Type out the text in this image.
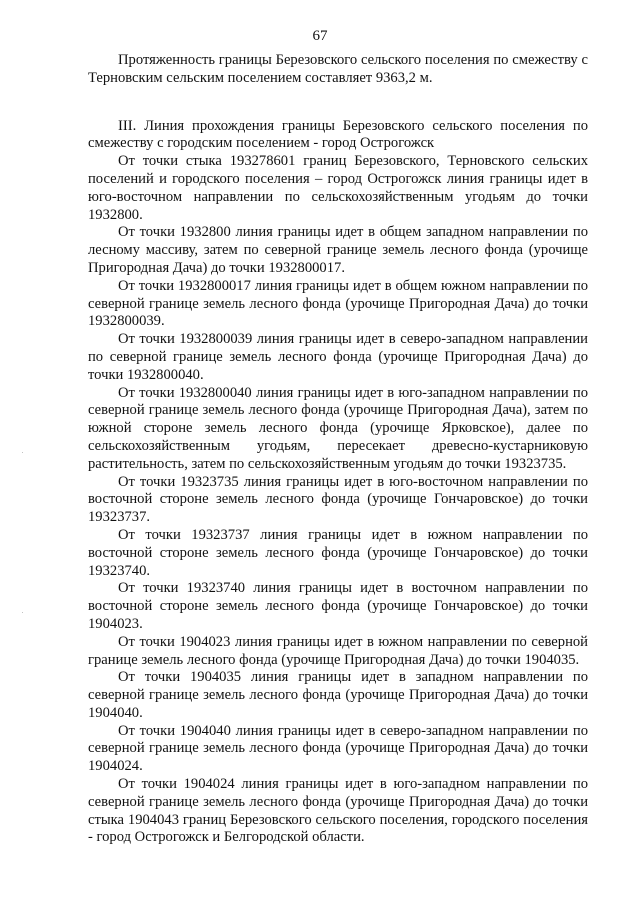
67

Протяженность границы Березовского сельского поселения по смежеству с Терновским сельским поселением составляет 9363,2 м.

III. Линия прохождения границы Березовского сельского поселения по смежеству с городским поселением - город Острогожск

От точки стыка 193278601 границ Березовского, Терновского сельских поселений и городского поселения – город Острогожск линия границы идет в юго-восточном направлении по сельскохозяйственным угодьям до точки 1932800.

От точки 1932800 линия границы идет в общем западном направлении по лесному массиву, затем по северной границе земель лесного фонда (урочище Пригородная Дача) до точки 1932800017.

От точки 1932800017 линия границы идет в общем южном направлении по северной границе земель лесного фонда (урочище Пригородная Дача) до точки 1932800039.

От точки 1932800039 линия границы идет в северо-западном направлении по северной границе земель лесного фонда (урочище Пригородная Дача) до точки 1932800040.

От точки 1932800040 линия границы идет в юго-западном направлении по северной границе земель лесного фонда (урочище Пригородная Дача), затем по южной стороне земель лесного фонда (урочище Ярковское), далее по сельскохозяйственным угодьям, пересекает древесно-кустарниковую растительность, затем по сельскохозяйственным угодьям до точки 19323735.

От точки 19323735 линия границы идет в юго-восточном направлении по восточной стороне земель лесного фонда (урочище Гончаровское) до точки 19323737.

От точки 19323737 линия границы идет в южном направлении по восточной стороне земель лесного фонда (урочище Гончаровское) до точки 19323740.

От точки 19323740 линия границы идет в восточном направлении по восточной стороне земель лесного фонда (урочище Гончаровское) до точки 1904023.

От точки 1904023 линия границы идет в южном направлении по северной границе земель лесного фонда (урочище Пригородная Дача) до точки 1904035.

От точки 1904035 линия границы идет в западном направлении по северной границе земель лесного фонда (урочище Пригородная Дача) до точки 1904040.

От точки 1904040 линия границы идет в северо-западном направлении по северной границе земель лесного фонда (урочище Пригородная Дача) до точки 1904024.

От точки 1904024 линия границы идет в юго-западном направлении по северной границе земель лесного фонда (урочище Пригородная Дача) до точки стыка 1904043 границ Березовского сельского поселения, городского поселения - город Острогожск и Белгородской области.
